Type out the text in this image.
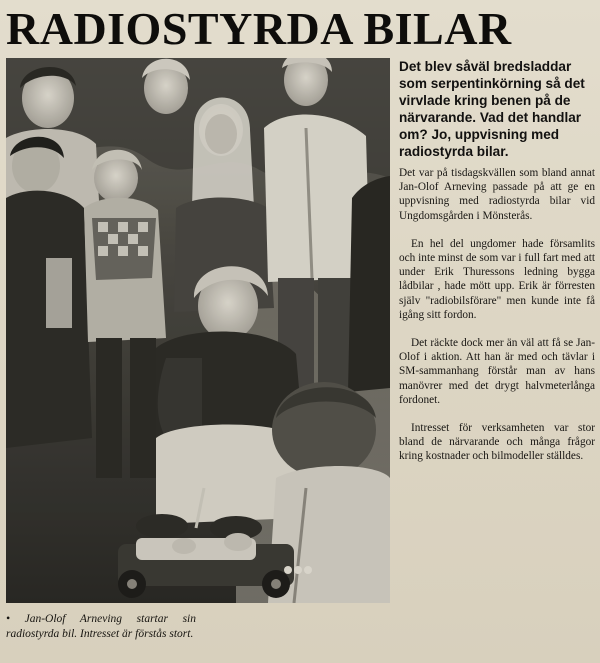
RADIOSTYRDA BILAR

• Jan-Olof Arneving startar sin radiostyrda bil. Intresset är förstås stort.

Det blev såväl bredsladdar som serpentinkörning så det virvlade kring benen på de närvarande. Vad det handlar om? Jo, uppvisning med radiostyrda bilar.

Det var på tisdagskvällen som bland annat Jan-Olof Arneving passade på att ge en uppvisning med radiostyrda bilar vid Ungdomsgården i Mönsterås.

En hel del ungdomer hade församlits och inte minst de som var i full fart med att under Erik Thuressons ledning bygga lådbilar , hade mött upp. Erik är förresten själv "radiobilsförare" men kunde inte få igång sitt fordon.

Det räckte dock mer än väl att få se Jan-Olof i aktion. Att han är med och tävlar i SM-sammanhang förstår man av hans manövrer med det drygt halvmeterlånga fordonet.

Intresset för verksamheten var stor bland de närvarande och många frågor kring kostnader och bilmodeller ställdes.
